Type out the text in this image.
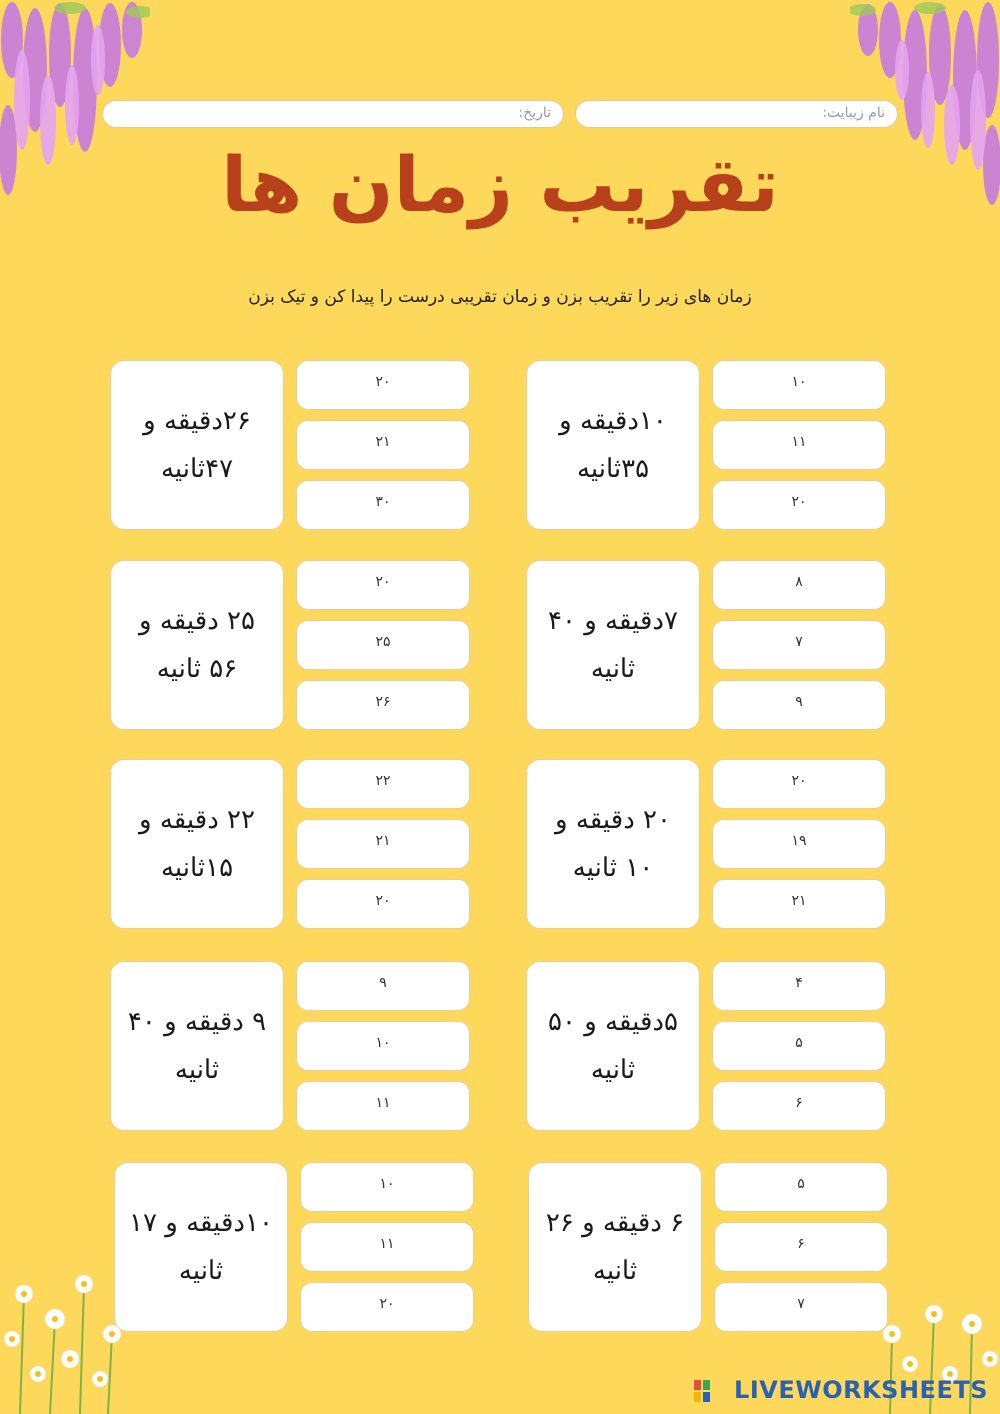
نام زیبایت:
تاریخ:
تقریب زمان ها
زمان های زیر را تقریب بزن و زمان تقریبی درست را پیدا کن و تیک بزن
۱۰دقیقه و ۳۵ثانیه
۱۰
۱۱
۲۰
۲۶دقیقه و ۴۷ثانیه
۲۰
۲۱
۳۰
۷دقیقه و ۴۰ ثانیه
۸
۷
۹
۲۵ دقیقه و ۵۶ ثانیه
۲۰
۲۵
۲۶
۲۰ دقیقه و ۱۰ ثانیه
۲۰
۱۹
۲۱
۲۲ دقیقه و ۱۵ثانیه
۲۲
۲۱
۲۰
۵دقیقه و ۵۰ ثانیه
۴
۵
۶
۹ دقیقه و ۴۰ ثانیه
۹
۱۰
۱۱
۶ دقیقه و ۲۶ ثانیه
۵
۶
۷
۱۰دقیقه و ۱۷ ثانیه
۱۰
۱۱
۲۰
LIVEWORKSHEETS
